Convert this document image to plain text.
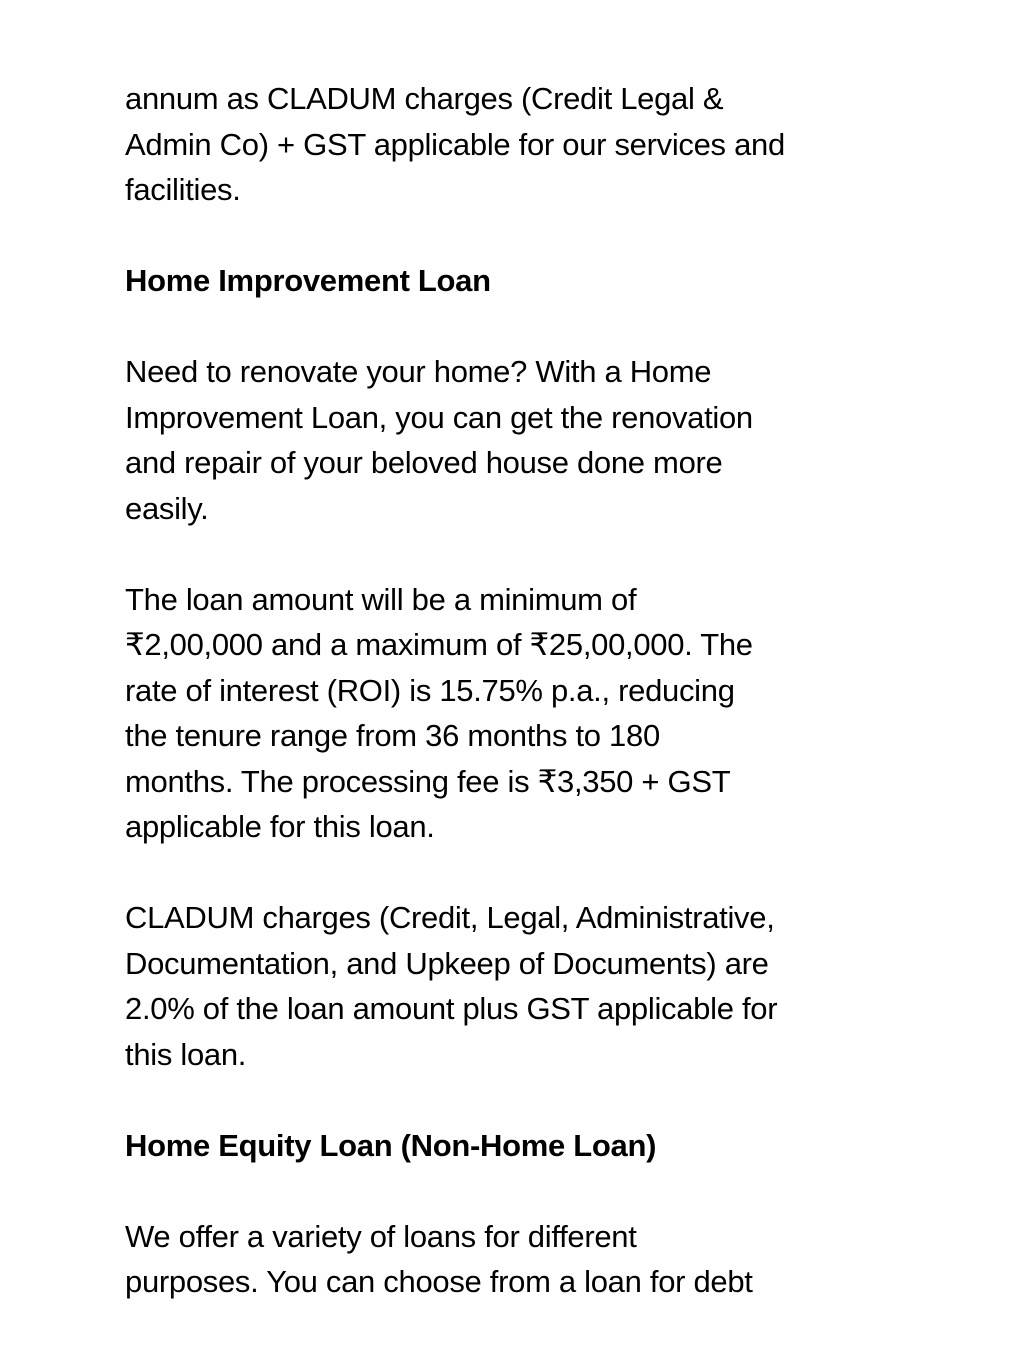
annum as CLADUM charges (Credit Legal &
Admin Co) + GST applicable for our services and
facilities.
Home Improvement Loan
Need to renovate your home? With a Home
Improvement Loan, you can get the renovation
and repair of your beloved house done more
easily.
The loan amount will be a minimum of
₹2,00,000 and a maximum of ₹25,00,000. The
rate of interest (ROI) is 15.75% p.a., reducing
the tenure range from 36 months to 180
months. The processing fee is ₹3,350 + GST
applicable for this loan.
CLADUM charges (Credit, Legal, Administrative,
Documentation, and Upkeep of Documents) are
2.0% of the loan amount plus GST applicable for
this loan.
Home Equity Loan (Non-Home Loan)
We offer a variety of loans for different
purposes. You can choose from a loan for debt
